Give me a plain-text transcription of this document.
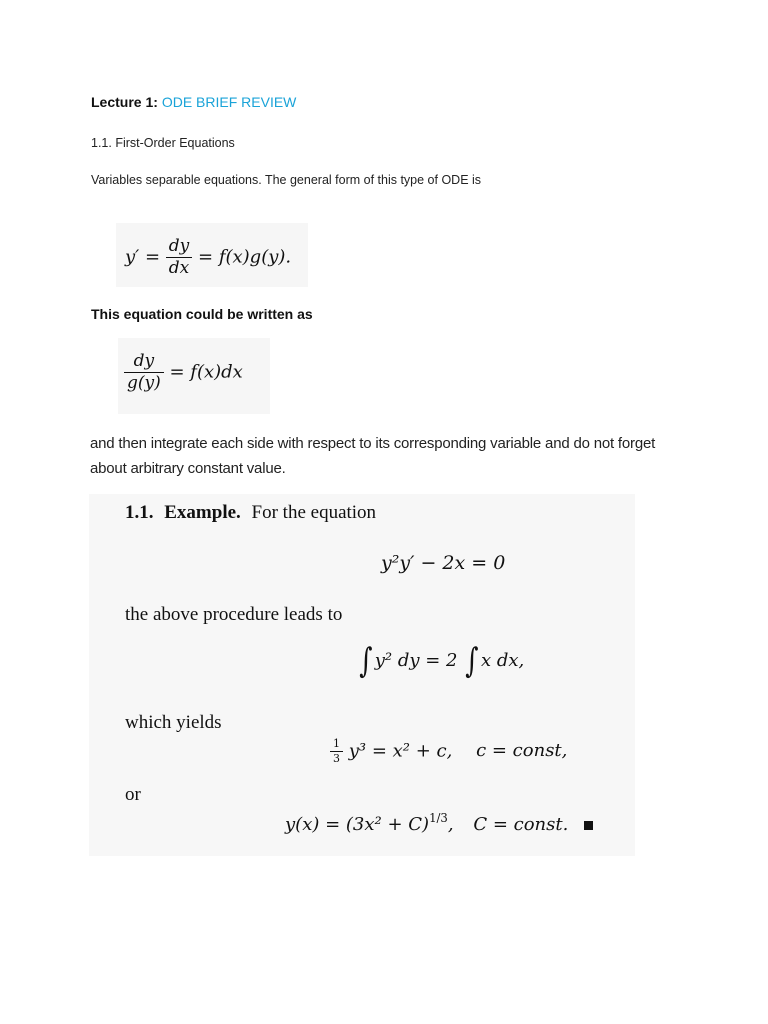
Lecture 1: ODE BRIEF REVIEW
1.1. First-Order Equations
Variables separable equations. The general form of this type of ODE is
$y' = \frac{dy}{dx} = f(x)g(y)$.
This equation could be written as
$\frac{dy}{g(y)} = f(x)dx$
and then integrate each side with respect to its corresponding variable and do not forget about arbitrary constant value.
1.1. Example. For the equation
y²y′ − 2x = 0
the above procedure leads to
∫ y² dy = 2 ∫ x dx,
which yields
$\frac{1}{3} y^3 = x^2 + c$, c = const,
or
$y(x) = (3x^2 + C)^{1/3}$, C = const.
